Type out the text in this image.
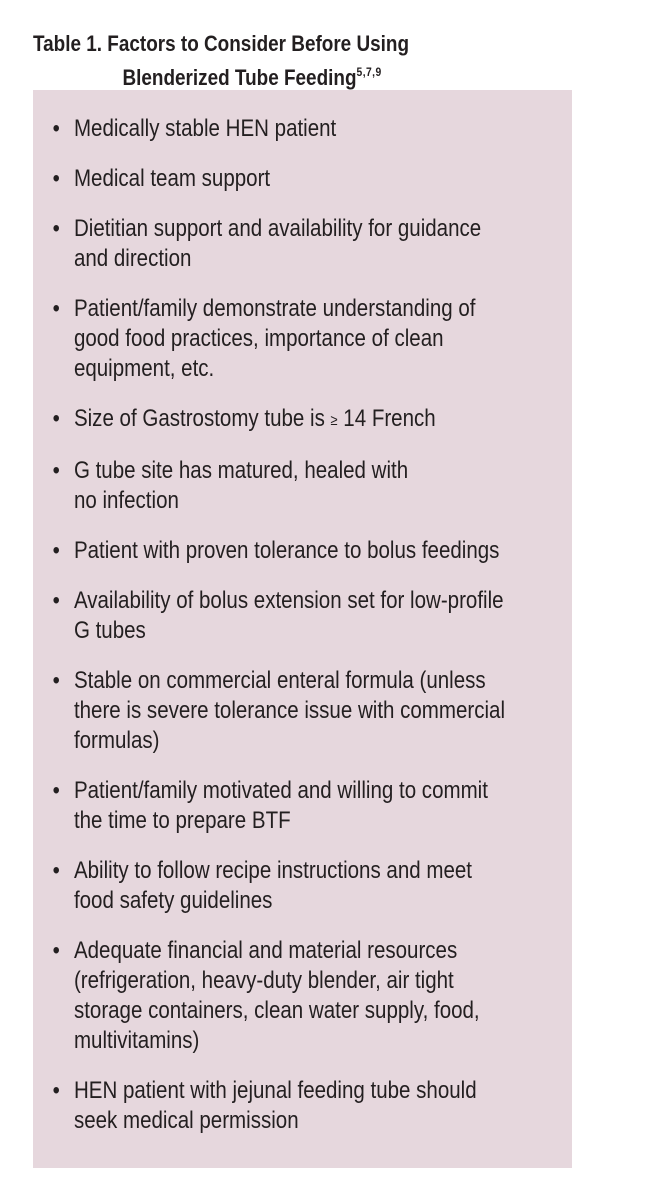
Table 1. Factors to Consider Before Using
Blenderized Tube Feeding$^{5,7,9}$
• Medically stable HEN patient
• Medical team support
• Dietitian support and availability for guidance
and direction
• Patient/family demonstrate understanding of
good food practices, importance of clean
equipment, etc.
• Size of Gastrostomy tube is ≥ 14 French
• G tube site has matured, healed with
no infection
• Patient with proven tolerance to bolus feedings
• Availability of bolus extension set for low-profile
G tubes
• Stable on commercial enteral formula (unless
there is severe tolerance issue with commercial
formulas)
• Patient/family motivated and willing to commit
the time to prepare BTF
• Ability to follow recipe instructions and meet
food safety guidelines
• Adequate financial and material resources
(refrigeration, heavy-duty blender, air tight
storage containers, clean water supply, food,
multivitamins)
• HEN patient with jejunal feeding tube should
seek medical permission
